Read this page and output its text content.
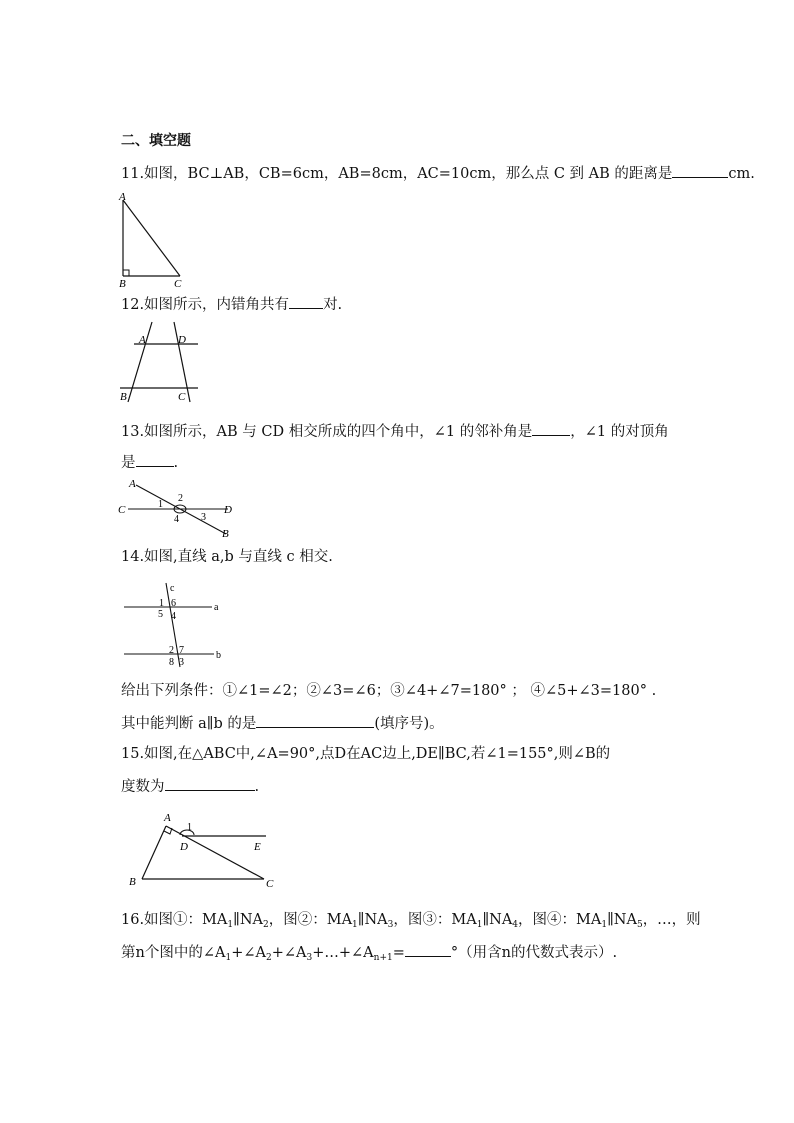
二、填空题
11.如图，BC⊥AB，CB=6cm，AB=8cm，AC=10cm，那么点 C 到 AB 的距离是	cm.
A
B	C
12.如图所示，内错角共有 对.
A	D
B	C
13.如图所示，AB 与 CD 相交所成的四个角中，∠1 的邻补角是	，∠1 的对顶角
是	.
A
C	D
B
1
2
3
4
14.如图,直线 a,b 与直线 c 相交.
c
a
b
1 6
5 4
2 7
8 3
给出下列条件：①∠1=∠2；②∠3=∠6；③∠4+∠7=180° ； ④∠5+∠3=180° .
其中能判断 a∥b 的是	(填序号)。
15.如图,在△ABC中,∠A=90°,点D在AC边上,DE∥BC,若∠1=155°,则∠B的
度数为	.
A
1
D	E
B	C
16.如图①：$MA_1\parallel NA_2$，图②：$MA_1\parallel NA_3$，图③：$MA_1\parallel NA_4$，图④：$MA_1\parallel NA_5$，…，则
第n个图中的$\angle A_1+\angle A_2+\angle A_3+\dots+\angle A_{n+1}=$	°（用含n的代数式表示）.
